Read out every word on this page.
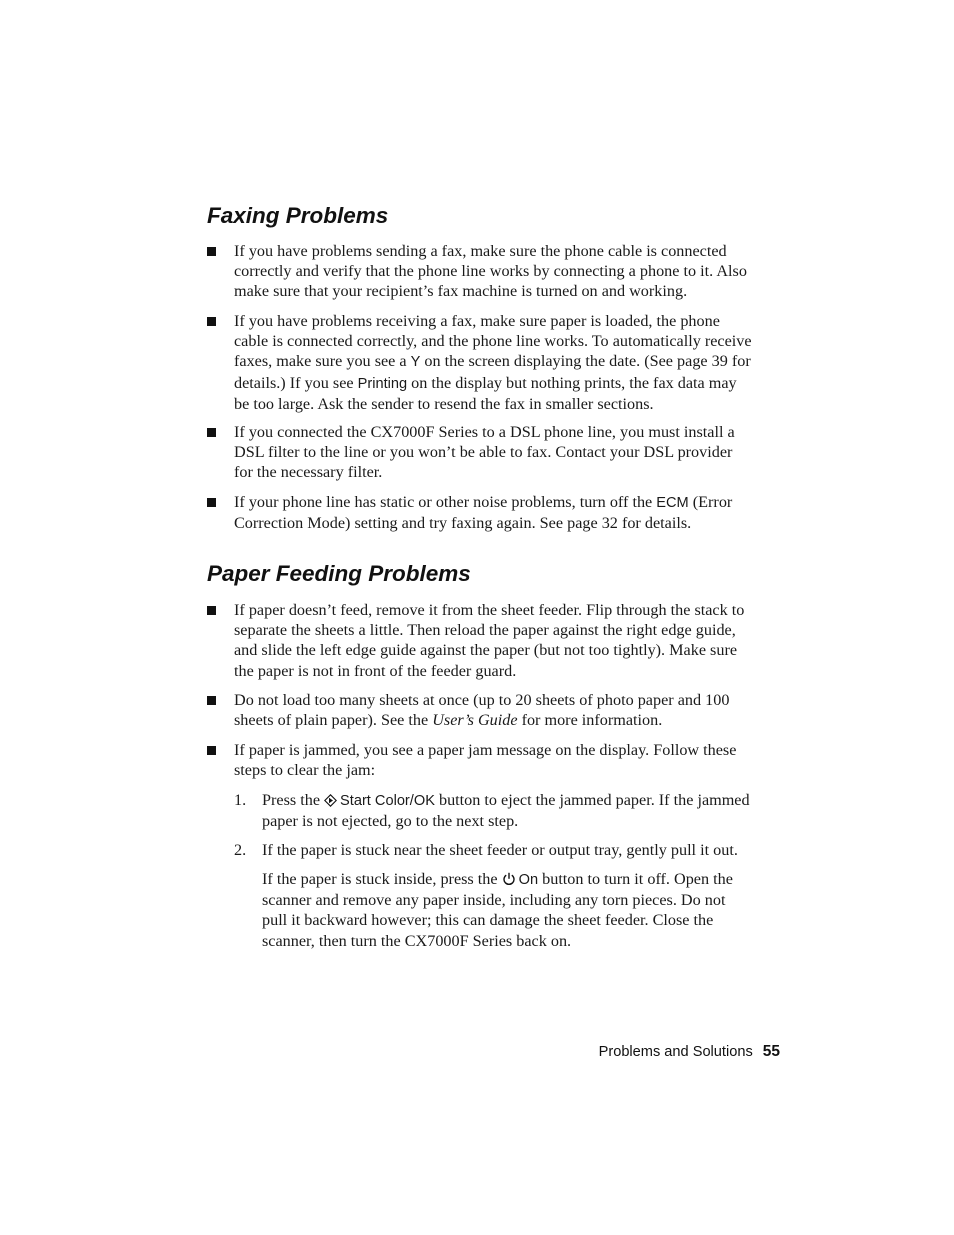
Faxing Problems
If you have problems sending a fax, make sure the phone cable is connected correctly and verify that the phone line works by connecting a phone to it. Also make sure that your recipient’s fax machine is turned on and working.
If you have problems receiving a fax, make sure paper is loaded, the phone cable is connected correctly, and the phone line works. To automatically receive faxes, make sure you see a Y on the screen displaying the date. (See page 39 for details.) If you see Printing on the display but nothing prints, the fax data may be too large. Ask the sender to resend the fax in smaller sections.
If you connected the CX7000F Series to a DSL phone line, you must install a DSL filter to the line or you won’t be able to fax. Contact your DSL provider for the necessary filter.
If your phone line has static or other noise problems, turn off the ECM (Error Correction Mode) setting and try faxing again. See page 32 for details.
Paper Feeding Problems
If paper doesn’t feed, remove it from the sheet feeder. Flip through the stack to separate the sheets a little. Then reload the paper against the right edge guide, and slide the left edge guide against the paper (but not too tightly). Make sure the paper is not in front of the feeder guard.
Do not load too many sheets at once (up to 20 sheets of photo paper and 100 sheets of plain paper). See the User’s Guide for more information.
If paper is jammed, you see a paper jam message on the display. Follow these steps to clear the jam:
1. Press the Start Color/OK button to eject the jammed paper. If the jammed paper is not ejected, go to the next step.
2. If the paper is stuck near the sheet feeder or output tray, gently pull it out.
If the paper is stuck inside, press the On button to turn it off. Open the scanner and remove any paper inside, including any torn pieces. Do not pull it backward however; this can damage the sheet feeder. Close the scanner, then turn the CX7000F Series back on.
Problems and Solutions 55
